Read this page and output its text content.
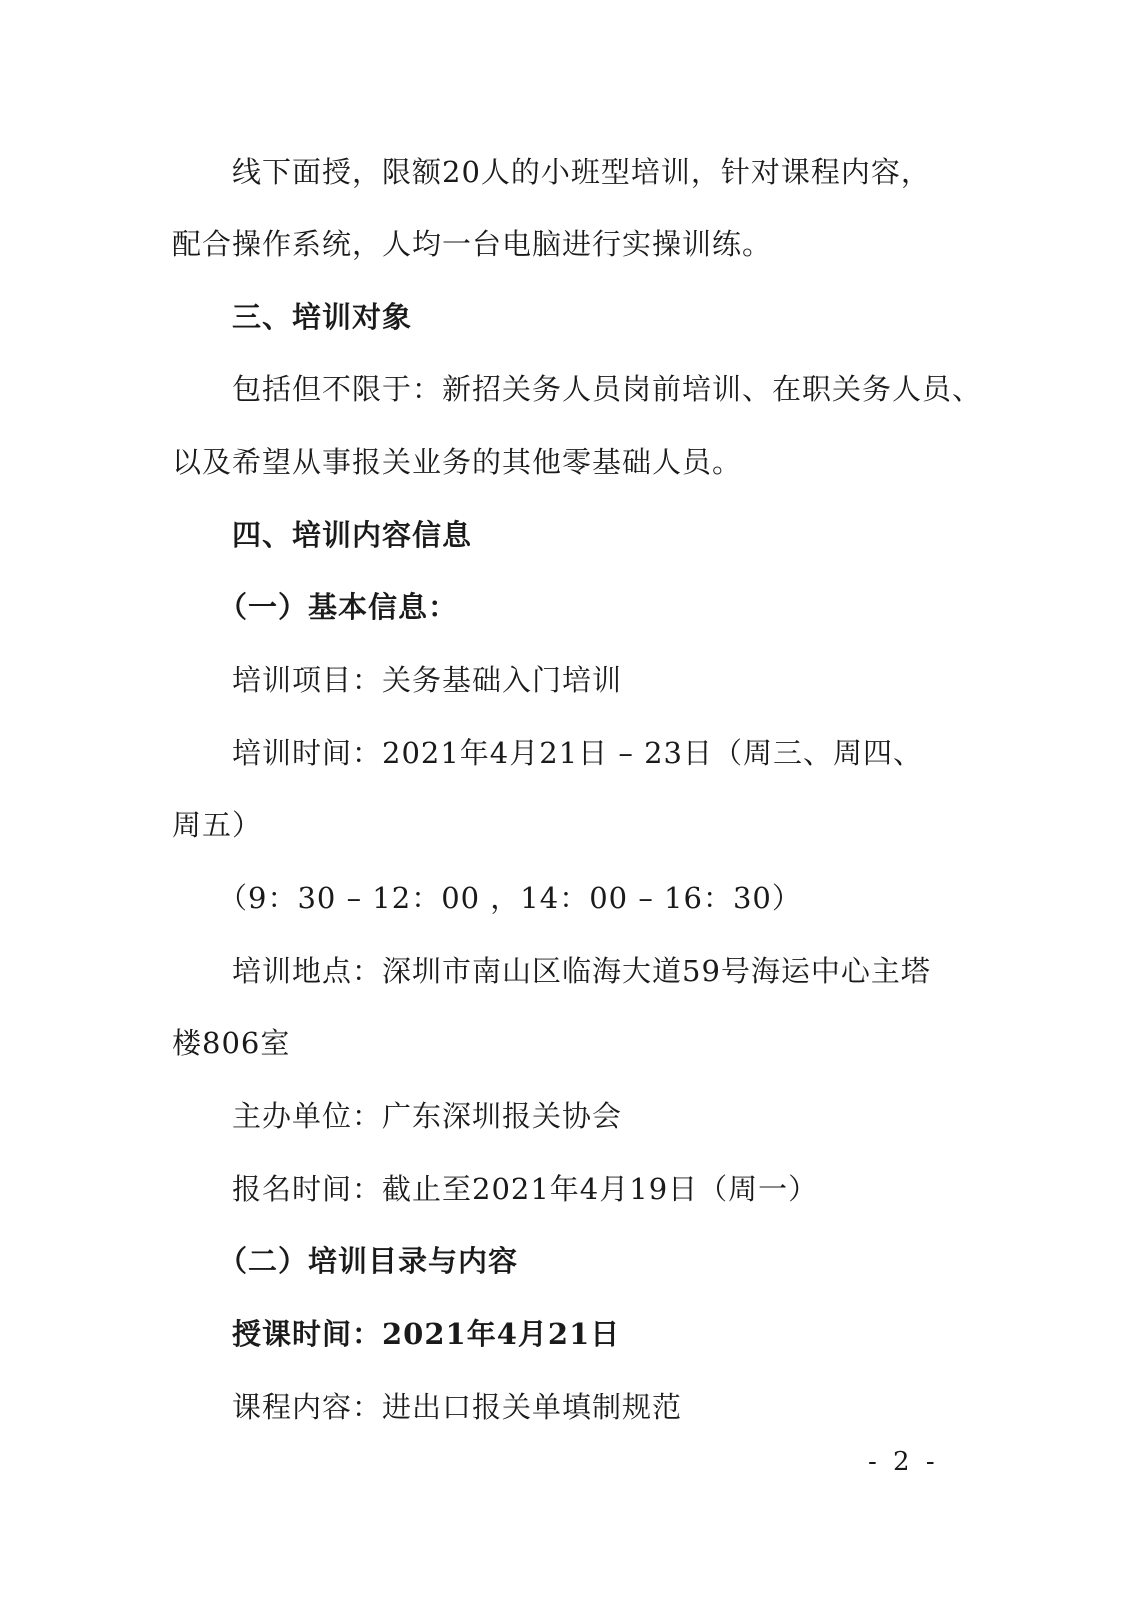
线下面授，限额20人的小班型培训，针对课程内容，

配合操作系统，人均一台电脑进行实操训练。

三、培训对象

包括但不限于：新招关务人员岗前培训、在职关务人员、

以及希望从事报关业务的其他零基础人员。

四、培训内容信息
（一）基本信息：

培训项目：关务基础入门培训

培训时间：2021年4月21日 – 23日（周三、周四、

周五）

（9：30 – 12：00 ，14：00 – 16：30）

培训地点：深圳市南山区临海大道59号海运中心主塔

楼806室

主办单位：广东深圳报关协会

报名时间：截止至2021年4月19日（周一）

（二）培训目录与内容

授课时间：2021年4月21日

课程内容：进出口报关单填制规范

- 2 -
